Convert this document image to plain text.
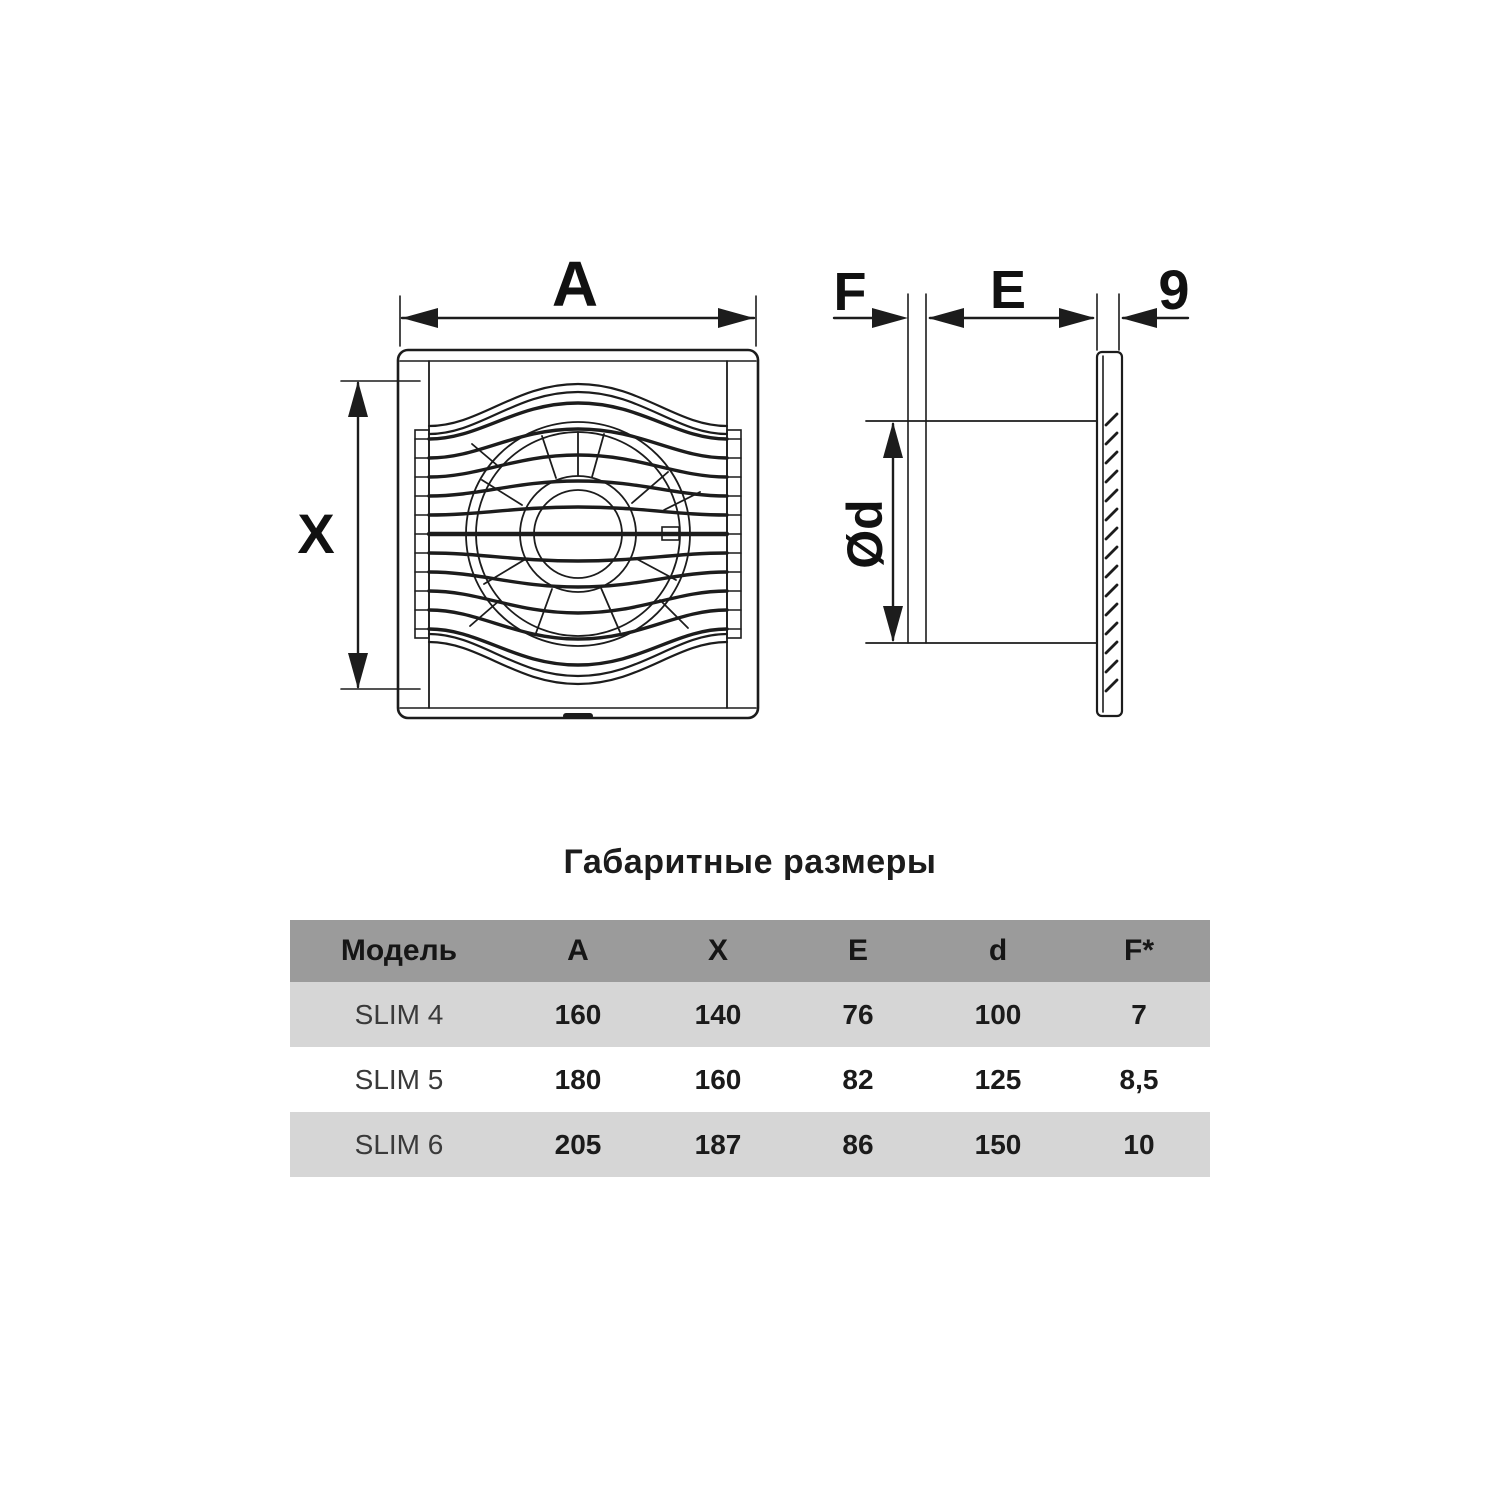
A
X
F E 9
Ød
Габаритные размеры
Модель	A	X	E	d	F*
SLIM 4	160	140	76	100	7
SLIM 5	180	160	82	125	8,5
SLIM 6	205	187	86	150	10
